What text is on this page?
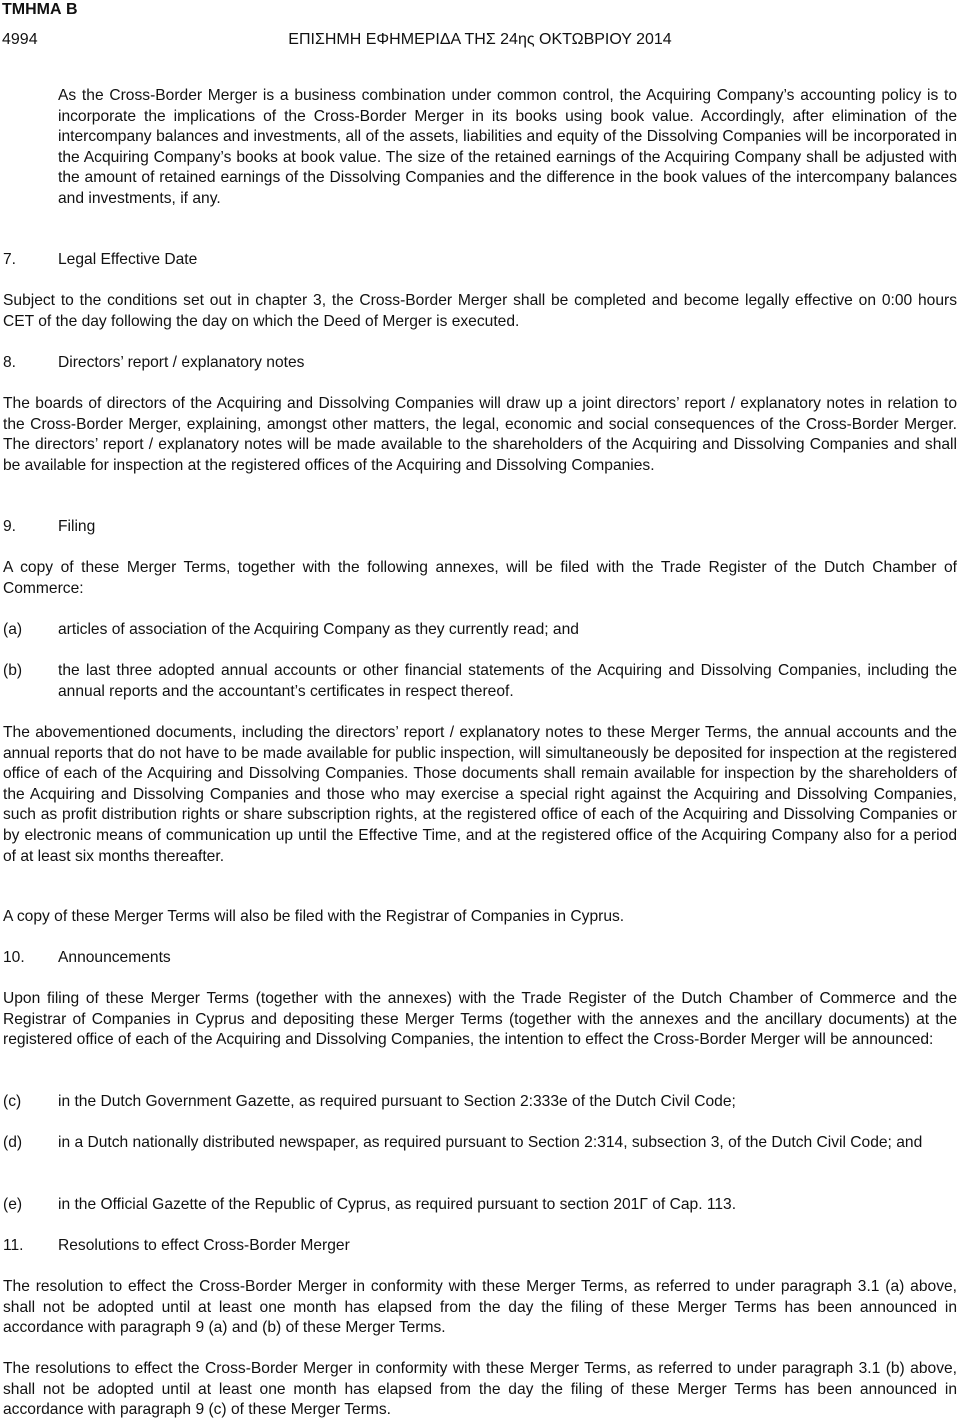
ΤΜΗΜΑ Β
4994	ΕΠΙΣΗΜΗ ΕΦΗΜΕΡΙΔΑ ΤΗΣ 24ης ΟΚΤΩΒΡΙΟΥ 2014

As the Cross-Border Merger is a business combination under common control, the Acquiring Company’s accounting policy is to incorporate the implications of the Cross-Border Merger in its books using book value. Accordingly, after elimination of the intercompany balances and investments, all of the assets, liabilities and equity of the Dissolving Companies will be incorporated in the Acquiring Company’s books at book value. The size of the retained earnings of the Acquiring Company shall be adjusted with the amount of retained earnings of the Dissolving Companies and the difference in the book values of the intercompany balances and investments, if any.

7.	Legal Effective Date

Subject to the conditions set out in chapter 3, the Cross-Border Merger shall be completed and become legally effective on 0:00 hours CET of the day following the day on which the Deed of Merger is executed.

8.	Directors’ report / explanatory notes

The boards of directors of the Acquiring and Dissolving Companies will draw up a joint directors’ report / explanatory notes in relation to the Cross-Border Merger, explaining, amongst other matters, the legal, economic and social consequences of the Cross-Border Merger. The directors’ report / explanatory notes will be made available to the shareholders of the Acquiring and Dissolving Companies and shall be available for inspection at the registered offices of the Acquiring and Dissolving Companies.

9.	Filing

A copy of these Merger Terms, together with the following annexes, will be filed with the Trade Register of the Dutch Chamber of Commerce:

(a)	articles of association of the Acquiring Company as they currently read; and

(b)	the last three adopted annual accounts or other financial statements of the Acquiring and Dissolving Companies, including the annual reports and the accountant’s certificates in respect thereof.

The abovementioned documents, including the directors’ report / explanatory notes to these Merger Terms, the annual accounts and the annual reports that do not have to be made available for public inspection, will simultaneously be deposited for inspection at the registered office of each of the Acquiring and Dissolving Companies. Those documents shall remain available for inspection by the shareholders of the Acquiring and Dissolving Companies and those who may exercise a special right against the Acquiring and Dissolving Companies, such as profit distribution rights or share subscription rights, at the registered office of each of the Acquiring and Dissolving Companies or by electronic means of communication up until the Effective Time, and at the registered office of the Acquiring Company also for a period of at least six months thereafter.

A copy of these Merger Terms will also be filed with the Registrar of Companies in Cyprus.

10. Announcements

Upon filing of these Merger Terms (together with the annexes) with the Trade Register of the Dutch Chamber of Commerce and the Registrar of Companies in Cyprus and depositing these Merger Terms (together with the annexes and the ancillary documents) at the registered office of each of the Acquiring and Dissolving Companies, the intention to effect the Cross-Border Merger will be announced:

(c)	in the Dutch Government Gazette, as required pursuant to Section 2:333e of the Dutch Civil Code;

(d)	in a Dutch nationally distributed newspaper, as required pursuant to Section 2:314, subsection 3, of the Dutch Civil Code; and

(e)	in the Official Gazette of the Republic of Cyprus, as required pursuant to section 201Γ of Cap. 113.

11. Resolutions to effect Cross-Border Merger

The resolution to effect the Cross-Border Merger in conformity with these Merger Terms, as referred to under paragraph 3.1 (a) above, shall not be adopted until at least one month has elapsed from the day the filing of these Merger Terms has been announced in accordance with paragraph 9 (a) and (b) of these Merger Terms.

The resolutions to effect the Cross-Border Merger in conformity with these Merger Terms, as referred to under paragraph 3.1 (b) above, shall not be adopted until at least one month has elapsed from the day the filing of these Merger Terms has been announced in accordance with paragraph 9 (c) of these Merger Terms.
